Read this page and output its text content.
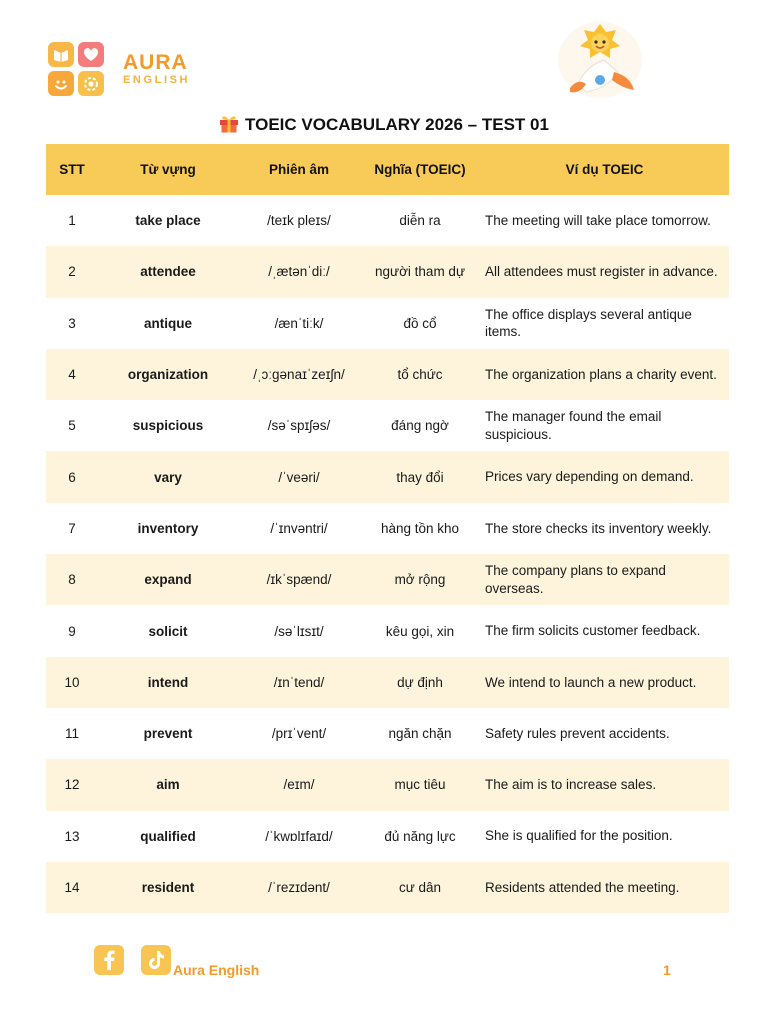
AURA
ENGLISH
TOEIC VOCABULARY 2026 – TEST 01
STT	Từ vựng	Phiên âm	Nghĩa (TOEIC)	Ví dụ TOEIC
1	take place	/teɪk pleɪs/	diễn ra	The meeting will take place tomorrow.
2	attendee	/ˌætənˈdiː/	người tham dự	All attendees must register in advance.
3	antique	/ænˈtiːk/	đồ cổ	The office displays several antique items.
4	organization	/ˌɔːɡənaɪˈzeɪʃn/	tổ chức	The organization plans a charity event.
5	suspicious	/səˈspɪʃəs/	đáng ngờ	The manager found the email suspicious.
6	vary	/ˈveəri/	thay đổi	Prices vary depending on demand.
7	inventory	/ˈɪnvəntri/	hàng tồn kho	The store checks its inventory weekly.
8	expand	/ɪkˈspænd/	mở rộng	The company plans to expand overseas.
9	solicit	/səˈlɪsɪt/	kêu gọi, xin	The firm solicits customer feedback.
10	intend	/ɪnˈtend/	dự định	We intend to launch a new product.
11	prevent	/prɪˈvent/	ngăn chặn	Safety rules prevent accidents.
12	aim	/eɪm/	mục tiêu	The aim is to increase sales.
13	qualified	/ˈkwɒlɪfaɪd/	đủ năng lực	She is qualified for the position.
14	resident	/ˈrezɪdənt/	cư dân	Residents attended the meeting.
Aura English	1
